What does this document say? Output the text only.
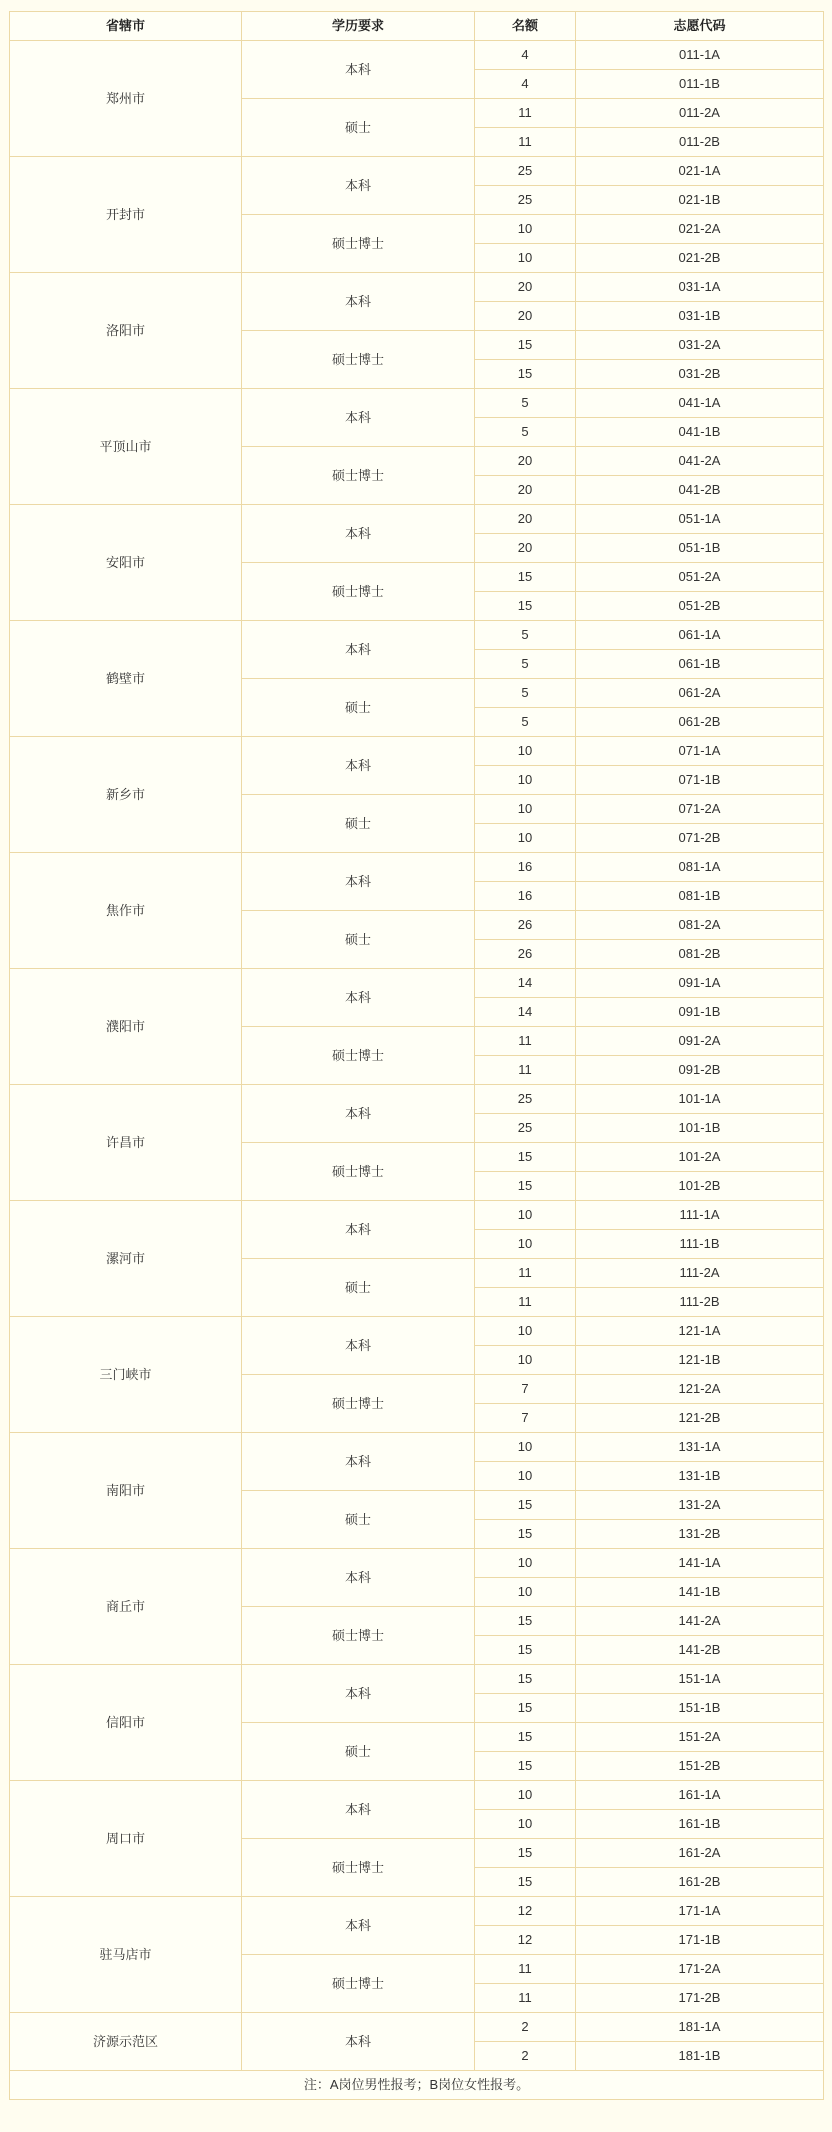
省辖市	学历要求	名额	志愿代码
郑州市	本科	4	011-1A
		4	011-1B
	硕士	11	011-2A
		11	011-2B
开封市	本科	25	021-1A
		25	021-1B
	硕士博士	10	021-2A
		10	021-2B
洛阳市	本科	20	031-1A
		20	031-1B
	硕士博士	15	031-2A
		15	031-2B
平顶山市	本科	5	041-1A
		5	041-1B
	硕士博士	20	041-2A
		20	041-2B
安阳市	本科	20	051-1A
		20	051-1B
	硕士博士	15	051-2A
		15	051-2B
鹤壁市	本科	5	061-1A
		5	061-1B
	硕士	5	061-2A
		5	061-2B
新乡市	本科	10	071-1A
		10	071-1B
	硕士	10	071-2A
		10	071-2B
焦作市	本科	16	081-1A
		16	081-1B
	硕士	26	081-2A
		26	081-2B
濮阳市	本科	14	091-1A
		14	091-1B
	硕士博士	11	091-2A
		11	091-2B
许昌市	本科	25	101-1A
		25	101-1B
	硕士博士	15	101-2A
		15	101-2B
漯河市	本科	10	111-1A
		10	111-1B
	硕士	11	111-2A
		11	111-2B
三门峡市	本科	10	121-1A
		10	121-1B
	硕士博士	7	121-2A
		7	121-2B
南阳市	本科	10	131-1A
		10	131-1B
	硕士	15	131-2A
		15	131-2B
商丘市	本科	10	141-1A
		10	141-1B
	硕士博士	15	141-2A
		15	141-2B
信阳市	本科	15	151-1A
		15	151-1B
	硕士	15	151-2A
		15	151-2B
周口市	本科	10	161-1A
		10	161-1B
	硕士博士	15	161-2A
		15	161-2B
驻马店市	本科	12	171-1A
		12	171-1B
	硕士博士	11	171-2A
		11	171-2B
济源示范区	本科	2	181-1A
		2	181-1B
注：A岗位男性报考；B岗位女性报考。			
